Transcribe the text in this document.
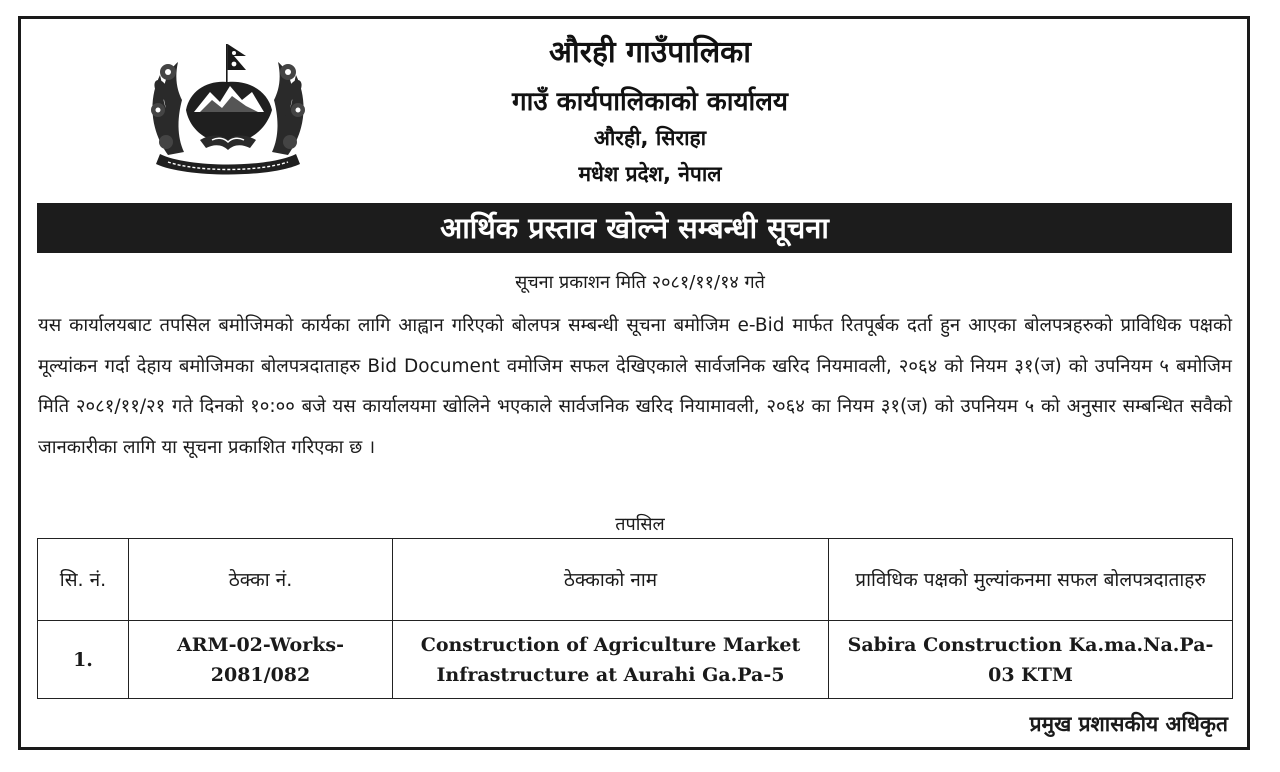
औरही गाउँपालिका
गाउँ कार्यपालिकाको कार्यालय
औरही, सिराहा
मधेश प्रदेश, नेपाल
आर्थिक प्रस्ताव खोल्ने सम्बन्धी सूचना
सूचना प्रकाशन मिति २०८१/११/१४ गते
यस कार्यालयबाट तपसिल बमोजिमको कार्यका लागि आह्वान गरिएको बोलपत्र सम्बन्धी सूचना बमोजिम e-Bid मार्फत रितपूर्बक दर्ता हुन आएका बोलपत्रहरुको प्राविधिक पक्षको मूल्यांकन गर्दा देहाय बमोजिमका बोलपत्रदाताहरु Bid Document वमोजिम सफल देखिएकाले सार्वजनिक खरिद नियमावली, २०६४ को नियम ३१(ज) को उपनियम ५ बमोजिम मिति २०८१/११/२१ गते दिनको १०:०० बजे यस कार्यालयमा खोलिने भएकाले सार्वजनिक खरिद नियामावली, २०६४ का नियम ३१(ज) को उपनियम ५ को अनुसार सम्बन्धित सवैको जानकारीका लागि या सूचना प्रकाशित गरिएका छ ।
तपसिल
सि. नं.	ठेक्का नं.	ठेक्काको नाम	प्राविधिक पक्षको मुल्यांकनमा सफल बोलपत्रदाताहरु
1.	ARM-02-Works-2081/082	Construction of Agriculture Market Infrastructure at Aurahi Ga.Pa-5	Sabira Construction Ka.ma.Na.Pa-03 KTM
प्रमुख प्रशासकीय अधिकृत
